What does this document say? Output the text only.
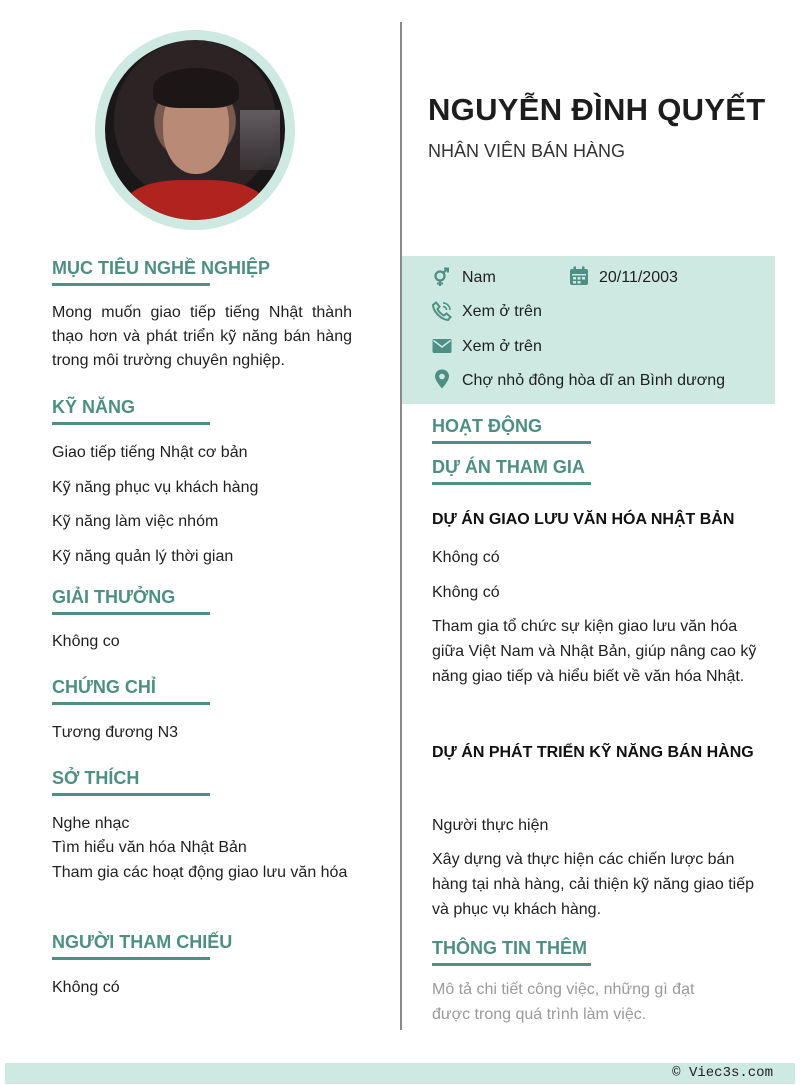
MỤC TIÊU NGHỀ NGHIỆP
Mong muốn giao tiếp tiếng Nhật thành thạo hơn và phát triển kỹ năng bán hàng trong môi trường chuyên nghiệp.
KỸ NĂNG
Giao tiếp tiếng Nhật cơ bản
Kỹ năng phục vụ khách hàng
Kỹ năng làm việc nhóm
Kỹ năng quản lý thời gian
GIẢI THƯỞNG
Không co
CHỨNG CHỈ
Tương đương N3
SỞ THÍCH
Nghe nhạc
Tìm hiểu văn hóa Nhật Bản
Tham gia các hoạt động giao lưu văn hóa
NGƯỜI THAM CHIẾU
Không có
NGUYỄN ĐÌNH QUYẾT
NHÂN VIÊN BÁN HÀNG
Nam	20/11/2003
Xem ở trên
Xem ở trên
Chợ nhỏ đông hòa dĩ an Bình dương
HOẠT ĐỘNG
DỰ ÁN THAM GIA
DỰ ÁN GIAO LƯU VĂN HÓA NHẬT BẢN
Không có
Không có
Tham gia tổ chức sự kiện giao lưu văn hóa giữa Việt Nam và Nhật Bản, giúp nâng cao kỹ năng giao tiếp và hiểu biết về văn hóa Nhật.
DỰ ÁN PHÁT TRIỂN KỸ NĂNG BÁN HÀNG
Người thực hiện
Xây dựng và thực hiện các chiến lược bán hàng tại nhà hàng, cải thiện kỹ năng giao tiếp và phục vụ khách hàng.
THÔNG TIN THÊM
Mô tả chi tiết công việc, những gì đạt được trong quá trình làm việc.
© Viec3s.com
